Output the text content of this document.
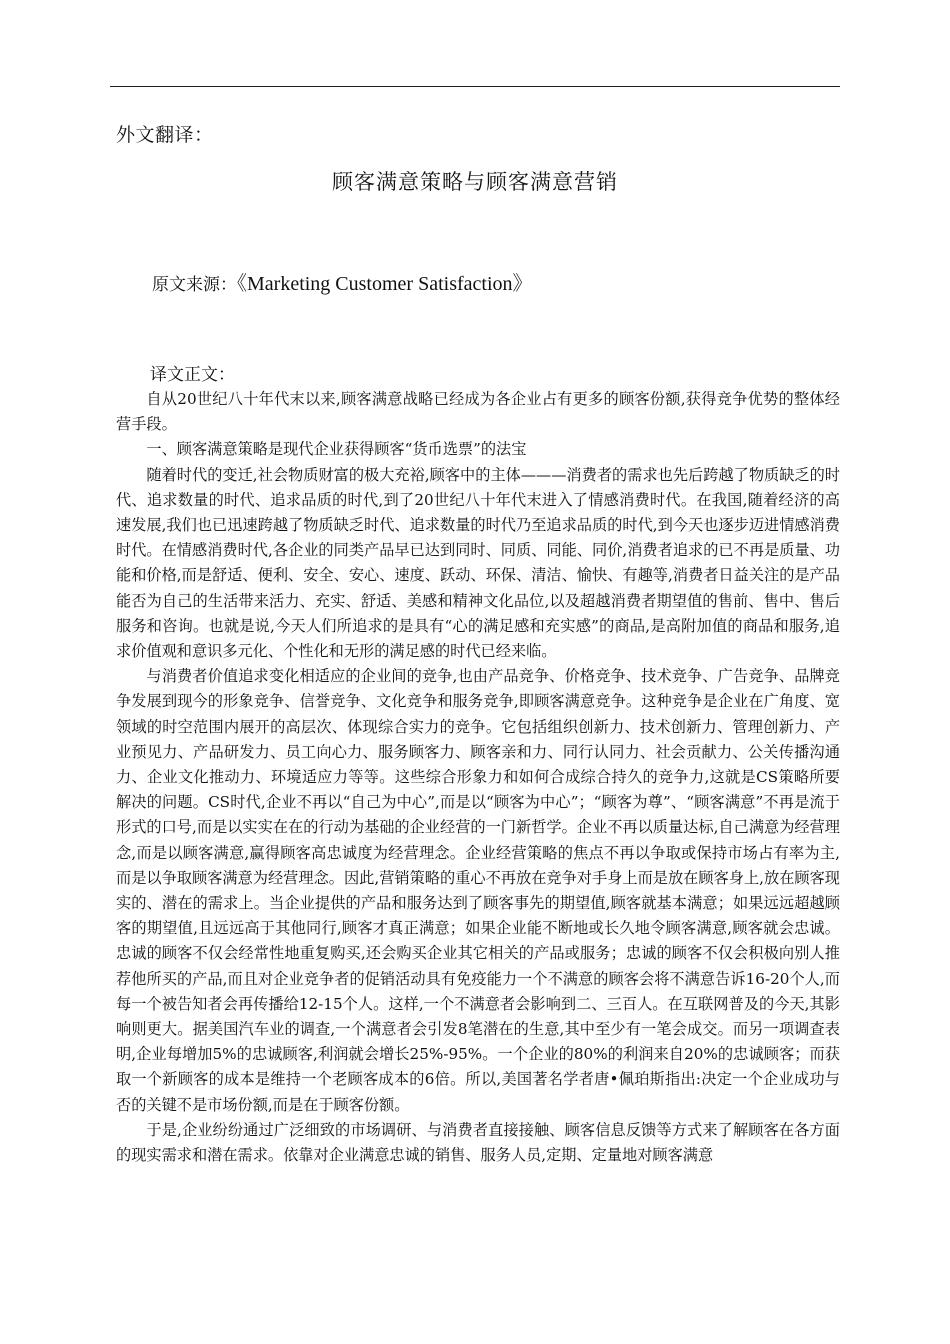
外文翻译：
顾客满意策略与顾客满意营销
原文来源：《Marketing Customer Satisfaction》
译文正文：

自从20世纪八十年代末以来,顾客满意战略已经成为各企业占有更多的顾客份额,获得竞争优势的整体经营手段。

一、顾客满意策略是现代企业获得顾客“货币选票”的法宝

随着时代的变迁,社会物质财富的极大充裕,顾客中的主体———消费者的需求也先后跨越了物质缺乏的时代、追求数量的时代、追求品质的时代,到了20世纪八十年代末进入了情感消费时代。在我国,随着经济的高速发展,我们也已迅速跨越了物质缺乏时代、追求数量的时代乃至追求品质的时代,到今天也逐步迈进情感消费时代。在情感消费时代,各企业的同类产品早已达到同时、同质、同能、同价,消费者追求的已不再是质量、功能和价格,而是舒适、便利、安全、安心、速度、跃动、环保、清洁、愉快、有趣等,消费者日益关注的是产品能否为自己的生活带来活力、充实、舒适、美感和精神文化品位,以及超越消费者期望值的售前、售中、售后服务和咨询。也就是说,今天人们所追求的是具有“心的满足感和充实感”的商品,是高附加值的商品和服务,追求价值观和意识多元化、个性化和无形的满足感的时代已经来临。

与消费者价值追求变化相适应的企业间的竞争,也由产品竞争、价格竞争、技术竞争、广告竞争、品牌竞争发展到现今的形象竞争、信誉竞争、文化竞争和服务竞争,即顾客满意竞争。这种竞争是企业在广角度、宽领域的时空范围内展开的高层次、体现综合实力的竞争。它包括组织创新力、技术创新力、管理创新力、产业预见力、产品研发力、员工向心力、服务顾客力、顾客亲和力、同行认同力、社会贡献力、公关传播沟通力、企业文化推动力、环境适应力等等。这些综合形象力和如何合成综合持久的竞争力,这就是CS策略所要解决的问题。CS时代,企业不再以“自己为中心”,而是以“顾客为中心”；“顾客为尊”、“顾客满意”不再是流于形式的口号,而是以实实在在的行动为基础的企业经营的一门新哲学。企业不再以质量达标,自己满意为经营理念,而是以顾客满意,赢得顾客高忠诚度为经营理念。企业经营策略的焦点不再以争取或保持市场占有率为主,而是以争取顾客满意为经营理念。因此,营销策略的重心不再放在竞争对手身上而是放在顾客身上,放在顾客现实的、潜在的需求上。当企业提供的产品和服务达到了顾客事先的期望值,顾客就基本满意；如果远远超越顾客的期望值,且远远高于其他同行,顾客才真正满意；如果企业能不断地或长久地令顾客满意,顾客就会忠诚。忠诚的顾客不仅会经常性地重复购买,还会购买企业其它相关的产品或服务；忠诚的顾客不仅会积极向别人推荐他所买的产品,而且对企业竞争者的促销活动具有免疫能力一个不满意的顾客会将不满意告诉16-20个人,而每一个被告知者会再传播给12-15个人。这样,一个不满意者会影响到二、三百人。在互联网普及的今天,其影响则更大。据美国汽车业的调查,一个满意者会引发8笔潜在的生意,其中至少有一笔会成交。而另一项调查表明,企业每增加5%的忠诚顾客,利润就会增长25%-95%。一个企业的80%的利润来自20%的忠诚顾客；而获取一个新顾客的成本是维持一个老顾客成本的6倍。所以,美国著名学者唐•佩珀斯指出:决定一个企业成功与否的关键不是市场份额,而是在于顾客份额。

于是,企业纷纷通过广泛细致的市场调研、与消费者直接接触、顾客信息反馈等方式来了解顾客在各方面的现实需求和潜在需求。依靠对企业满意忠诚的销售、服务人员,定期、定量地对顾客满意
